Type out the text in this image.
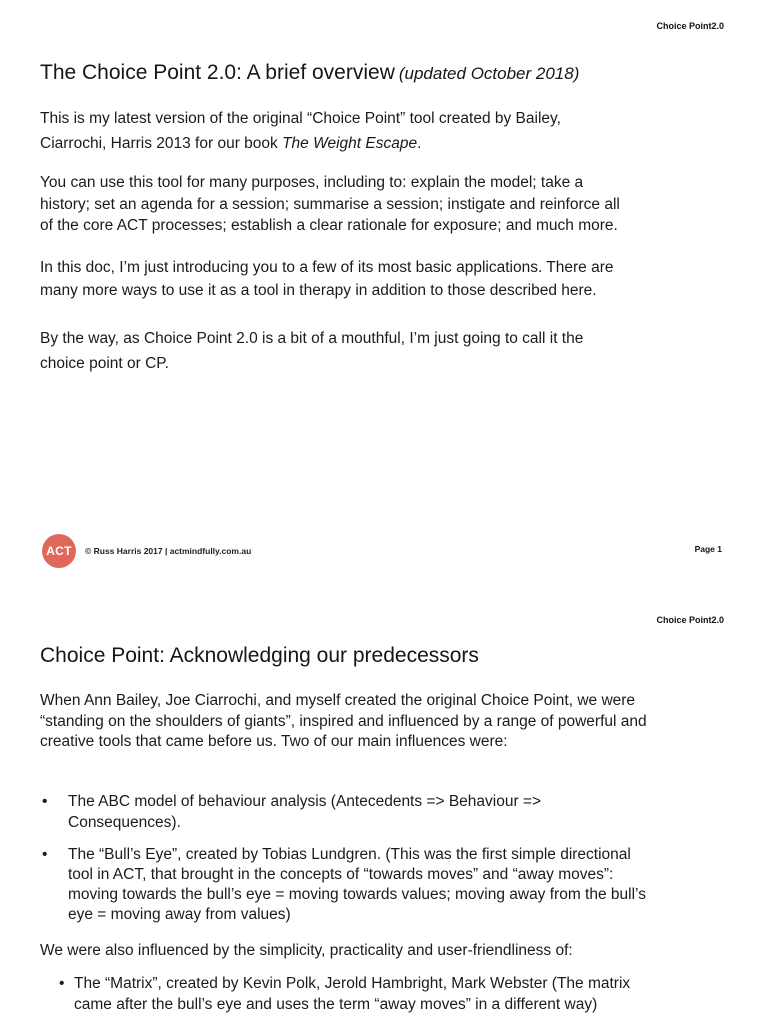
Choice Point2.0
The Choice Point 2.0: A brief overview (updated October 2018)
This is my latest version of the original “Choice Point” tool created by Bailey,
Ciarrochi, Harris 2013 for our book The Weight Escape.
You can use this tool for many purposes, including to: explain the model; take a
history; set an agenda for a session; summarise a session; instigate and reinforce all
of the core ACT processes; establish a clear rationale for exposure; and much more.
In this doc, I’m just introducing you to a few of its most basic applications. There are
many more ways to use it as a tool in therapy in addition to those described here.
By the way, as Choice Point 2.0 is a bit of a mouthful, I’m just going to call it the
choice point or CP.
ACT	© Russ Harris 2017 | actmindfully.com.au	Page 1
Choice Point2.0
Choice Point: Acknowledging our predecessors
When Ann Bailey, Joe Ciarrochi, and myself created the original Choice Point, we were
“standing on the shoulders of giants”, inspired and influenced by a range of powerful and
creative tools that came before us. Two of our main influences were:
• The ABC model of behaviour analysis (Antecedents => Behaviour =>
Consequences).
• The “Bull’s Eye”, created by Tobias Lundgren. (This was the first simple directional
tool in ACT, that brought in the concepts of “towards moves” and “away moves”:
moving towards the bull’s eye = moving towards values; moving away from the bull’s
eye = moving away from values)
We were also influenced by the simplicity, practicality and user-friendliness of:
• The “Matrix”, created by Kevin Polk, Jerold Hambright, Mark Webster (The matrix
came after the bull’s eye and uses the term “away moves” in a different way)
